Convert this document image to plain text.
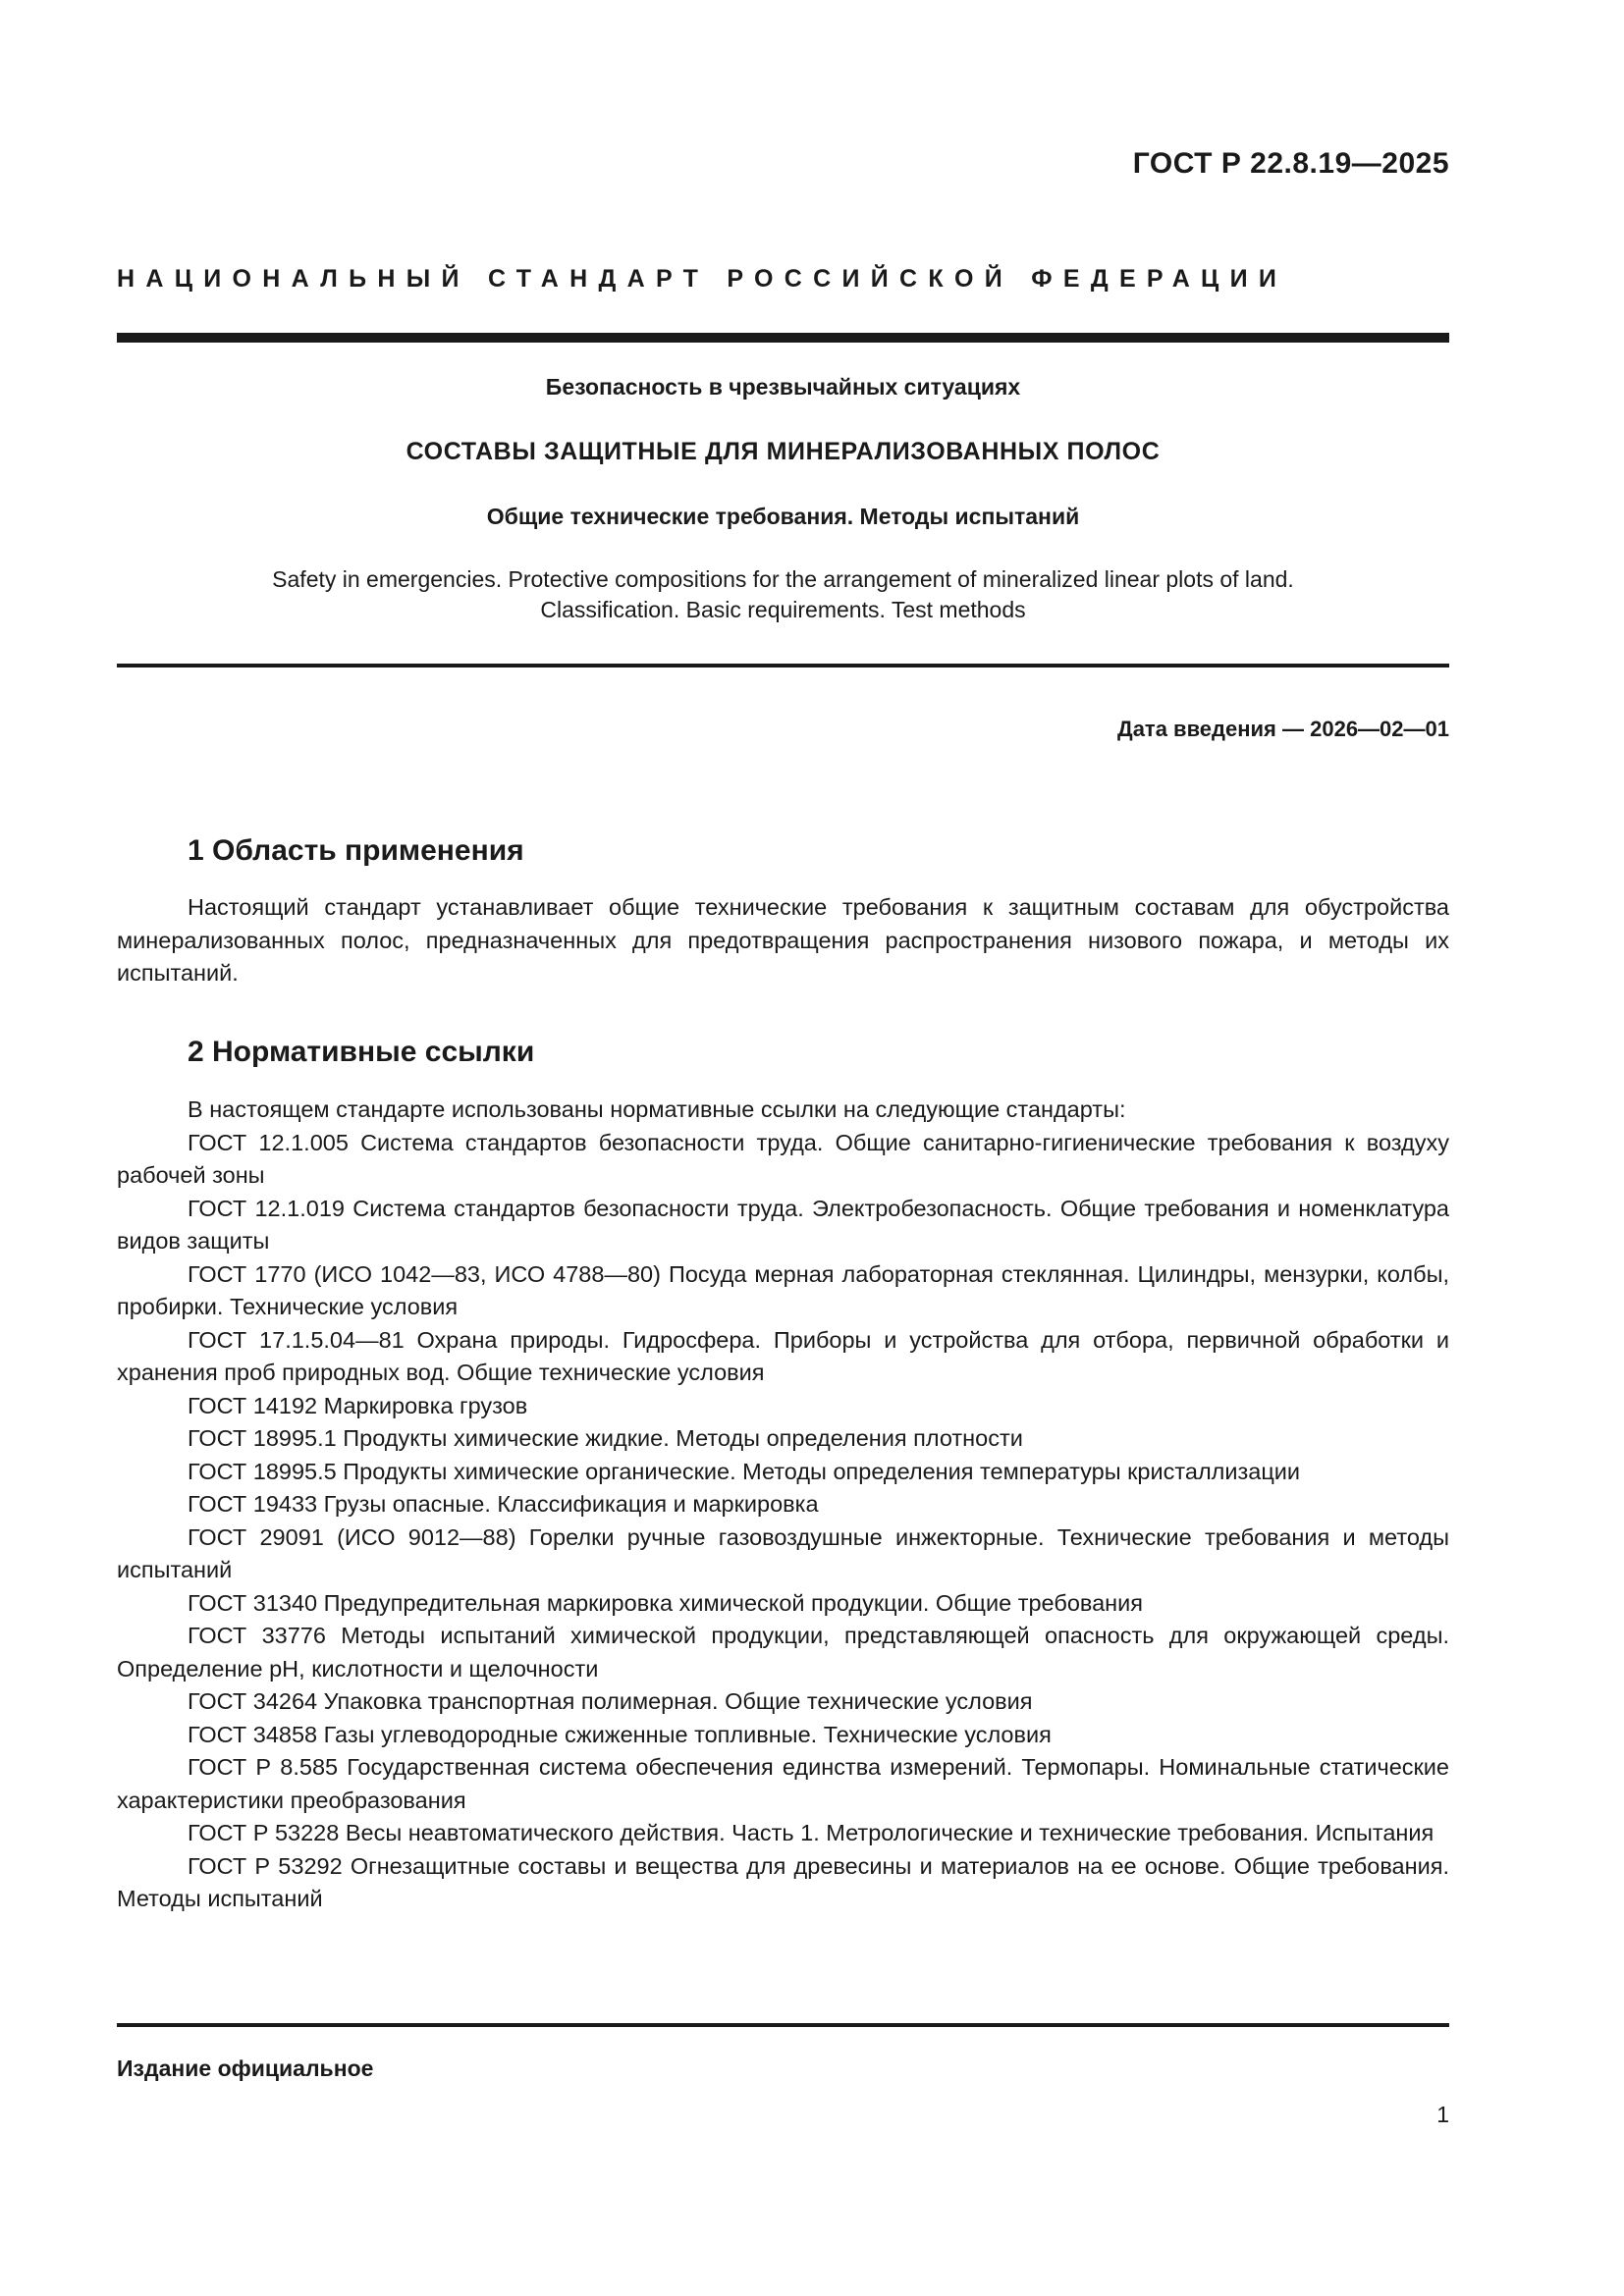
ГОСТ Р 22.8.19—2025
НАЦИОНАЛЬНЫЙ СТАНДАРТ РОССИЙСКОЙ ФЕДЕРАЦИИ
Безопасность в чрезвычайных ситуациях
СОСТАВЫ ЗАЩИТНЫЕ ДЛЯ МИНЕРАЛИЗОВАННЫХ ПОЛОС
Общие технические требования. Методы испытаний
Safety in emergencies. Protective compositions for the arrangement of mineralized linear plots of land.
Classification. Basic requirements. Test methods
Дата введения — 2026—02—01
1 Область применения

Настоящий стандарт устанавливает общие технические требования к защитным составам для обустройства минерализованных полос, предназначенных для предотвращения распространения низового пожара, и методы их испытаний.

2 Нормативные ссылки

В настоящем стандарте использованы нормативные ссылки на следующие стандарты:

ГОСТ 12.1.005 Система стандартов безопасности труда. Общие санитарно-гигиенические требования к воздуху рабочей зоны

ГОСТ 12.1.019 Система стандартов безопасности труда. Электробезопасность. Общие требования и номенклатура видов защиты

ГОСТ 1770 (ИСО 1042—83, ИСО 4788—80) Посуда мерная лабораторная стеклянная. Цилиндры, мензурки, колбы, пробирки. Технические условия

ГОСТ 17.1.5.04—81 Охрана природы. Гидросфера. Приборы и устройства для отбора, первичной обработки и хранения проб природных вод. Общие технические условия

ГОСТ 14192 Маркировка грузов

ГОСТ 18995.1 Продукты химические жидкие. Методы определения плотности

ГОСТ 18995.5 Продукты химические органические. Методы определения температуры кристаллизации

ГОСТ 19433 Грузы опасные. Классификация и маркировка

ГОСТ 29091 (ИСО 9012—88) Горелки ручные газовоздушные инжекторные. Технические требования и методы испытаний

ГОСТ 31340 Предупредительная маркировка химической продукции. Общие требования

ГОСТ 33776 Методы испытаний химической продукции, представляющей опасность для окружающей среды. Определение pH, кислотности и щелочности

ГОСТ 34264 Упаковка транспортная полимерная. Общие технические условия

ГОСТ 34858 Газы углеводородные сжиженные топливные. Технические условия

ГОСТ Р 8.585 Государственная система обеспечения единства измерений. Термопары. Номинальные статические характеристики преобразования

ГОСТ Р 53228 Весы неавтоматического действия. Часть 1. Метрологические и технические требования. Испытания

ГОСТ Р 53292 Огнезащитные составы и вещества для древесины и материалов на ее основе. Общие требования. Методы испытаний

Издание официальное
1
